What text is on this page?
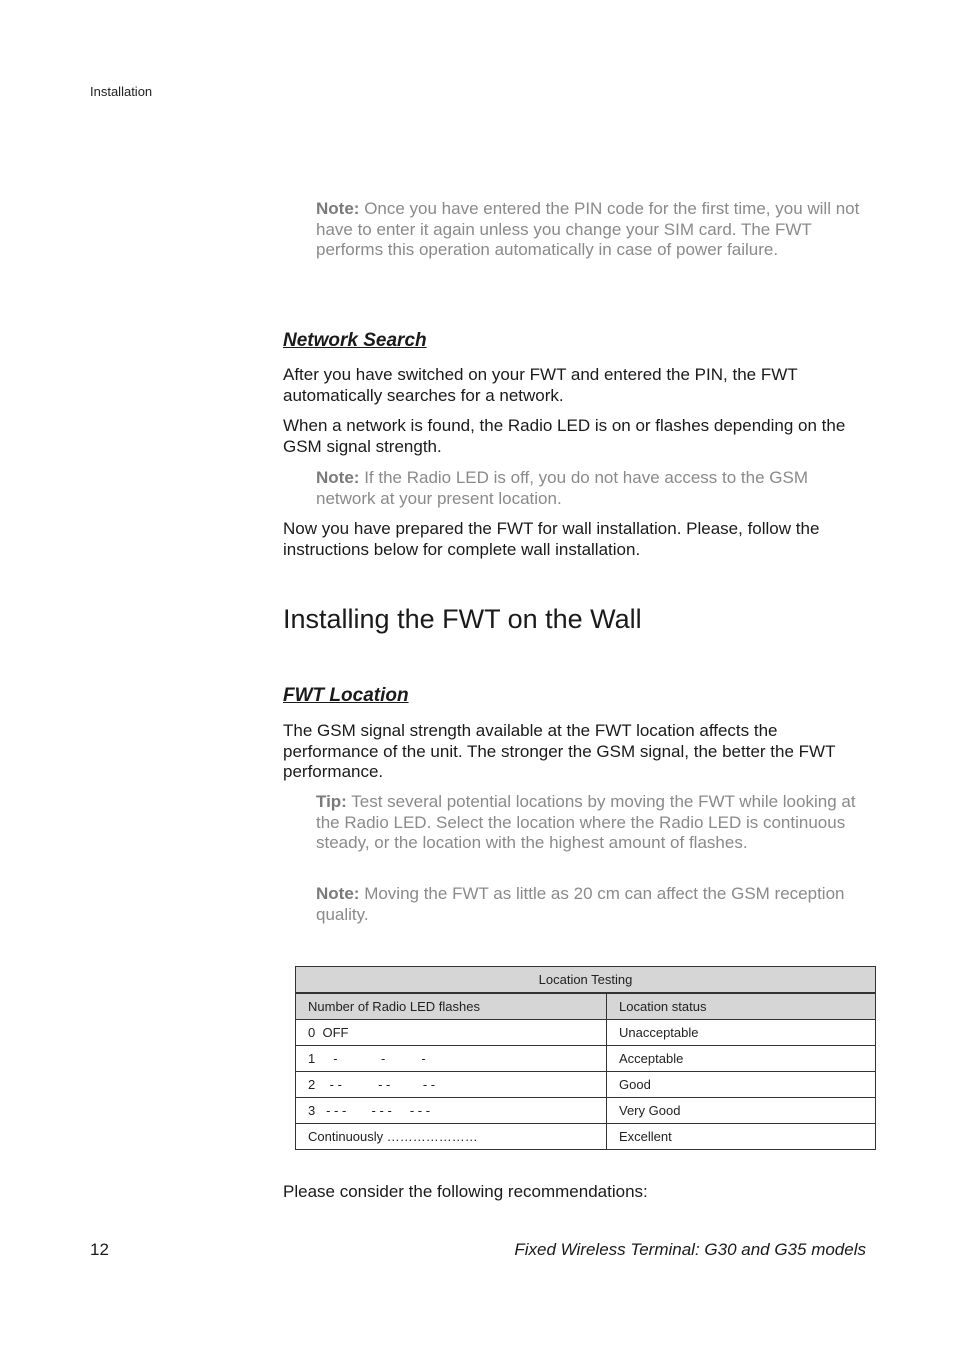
Installation
Note: Once you have entered the PIN code for the first time, you will not have to enter it again unless you change your SIM card. The FWT performs this operation automatically in case of power failure.
Network Search
After you have switched on your FWT and entered the PIN, the FWT automatically searches for a network.
When a network is found, the Radio LED is on or flashes depending on the GSM signal strength.
Note: If the Radio LED is off, you do not have access to the GSM network at your present location.
Now you have prepared the FWT for wall installation. Please, follow the instructions below for complete wall installation.
Installing the FWT on the Wall
FWT Location
The GSM signal strength available at the FWT location affects the performance of the unit. The stronger the GSM signal, the better the FWT performance.
Tip: Test several potential locations by moving the FWT while looking at the Radio LED. Select the location where the Radio LED is continuous steady, or the location with the highest amount of flashes.
Note: Moving the FWT as little as 20 cm can affect the GSM reception quality.
Location Testing	
Number of Radio LED flashes	Location status
0  OFF	Unacceptable
1     -            -          -	Acceptable
2    - -          - -         - -	Good
3   - - -       - - -     - - -	Very Good
Continuously …………………	Excellent
Please consider the following recommendations:
12	Fixed Wireless Terminal: G30 and G35 models
